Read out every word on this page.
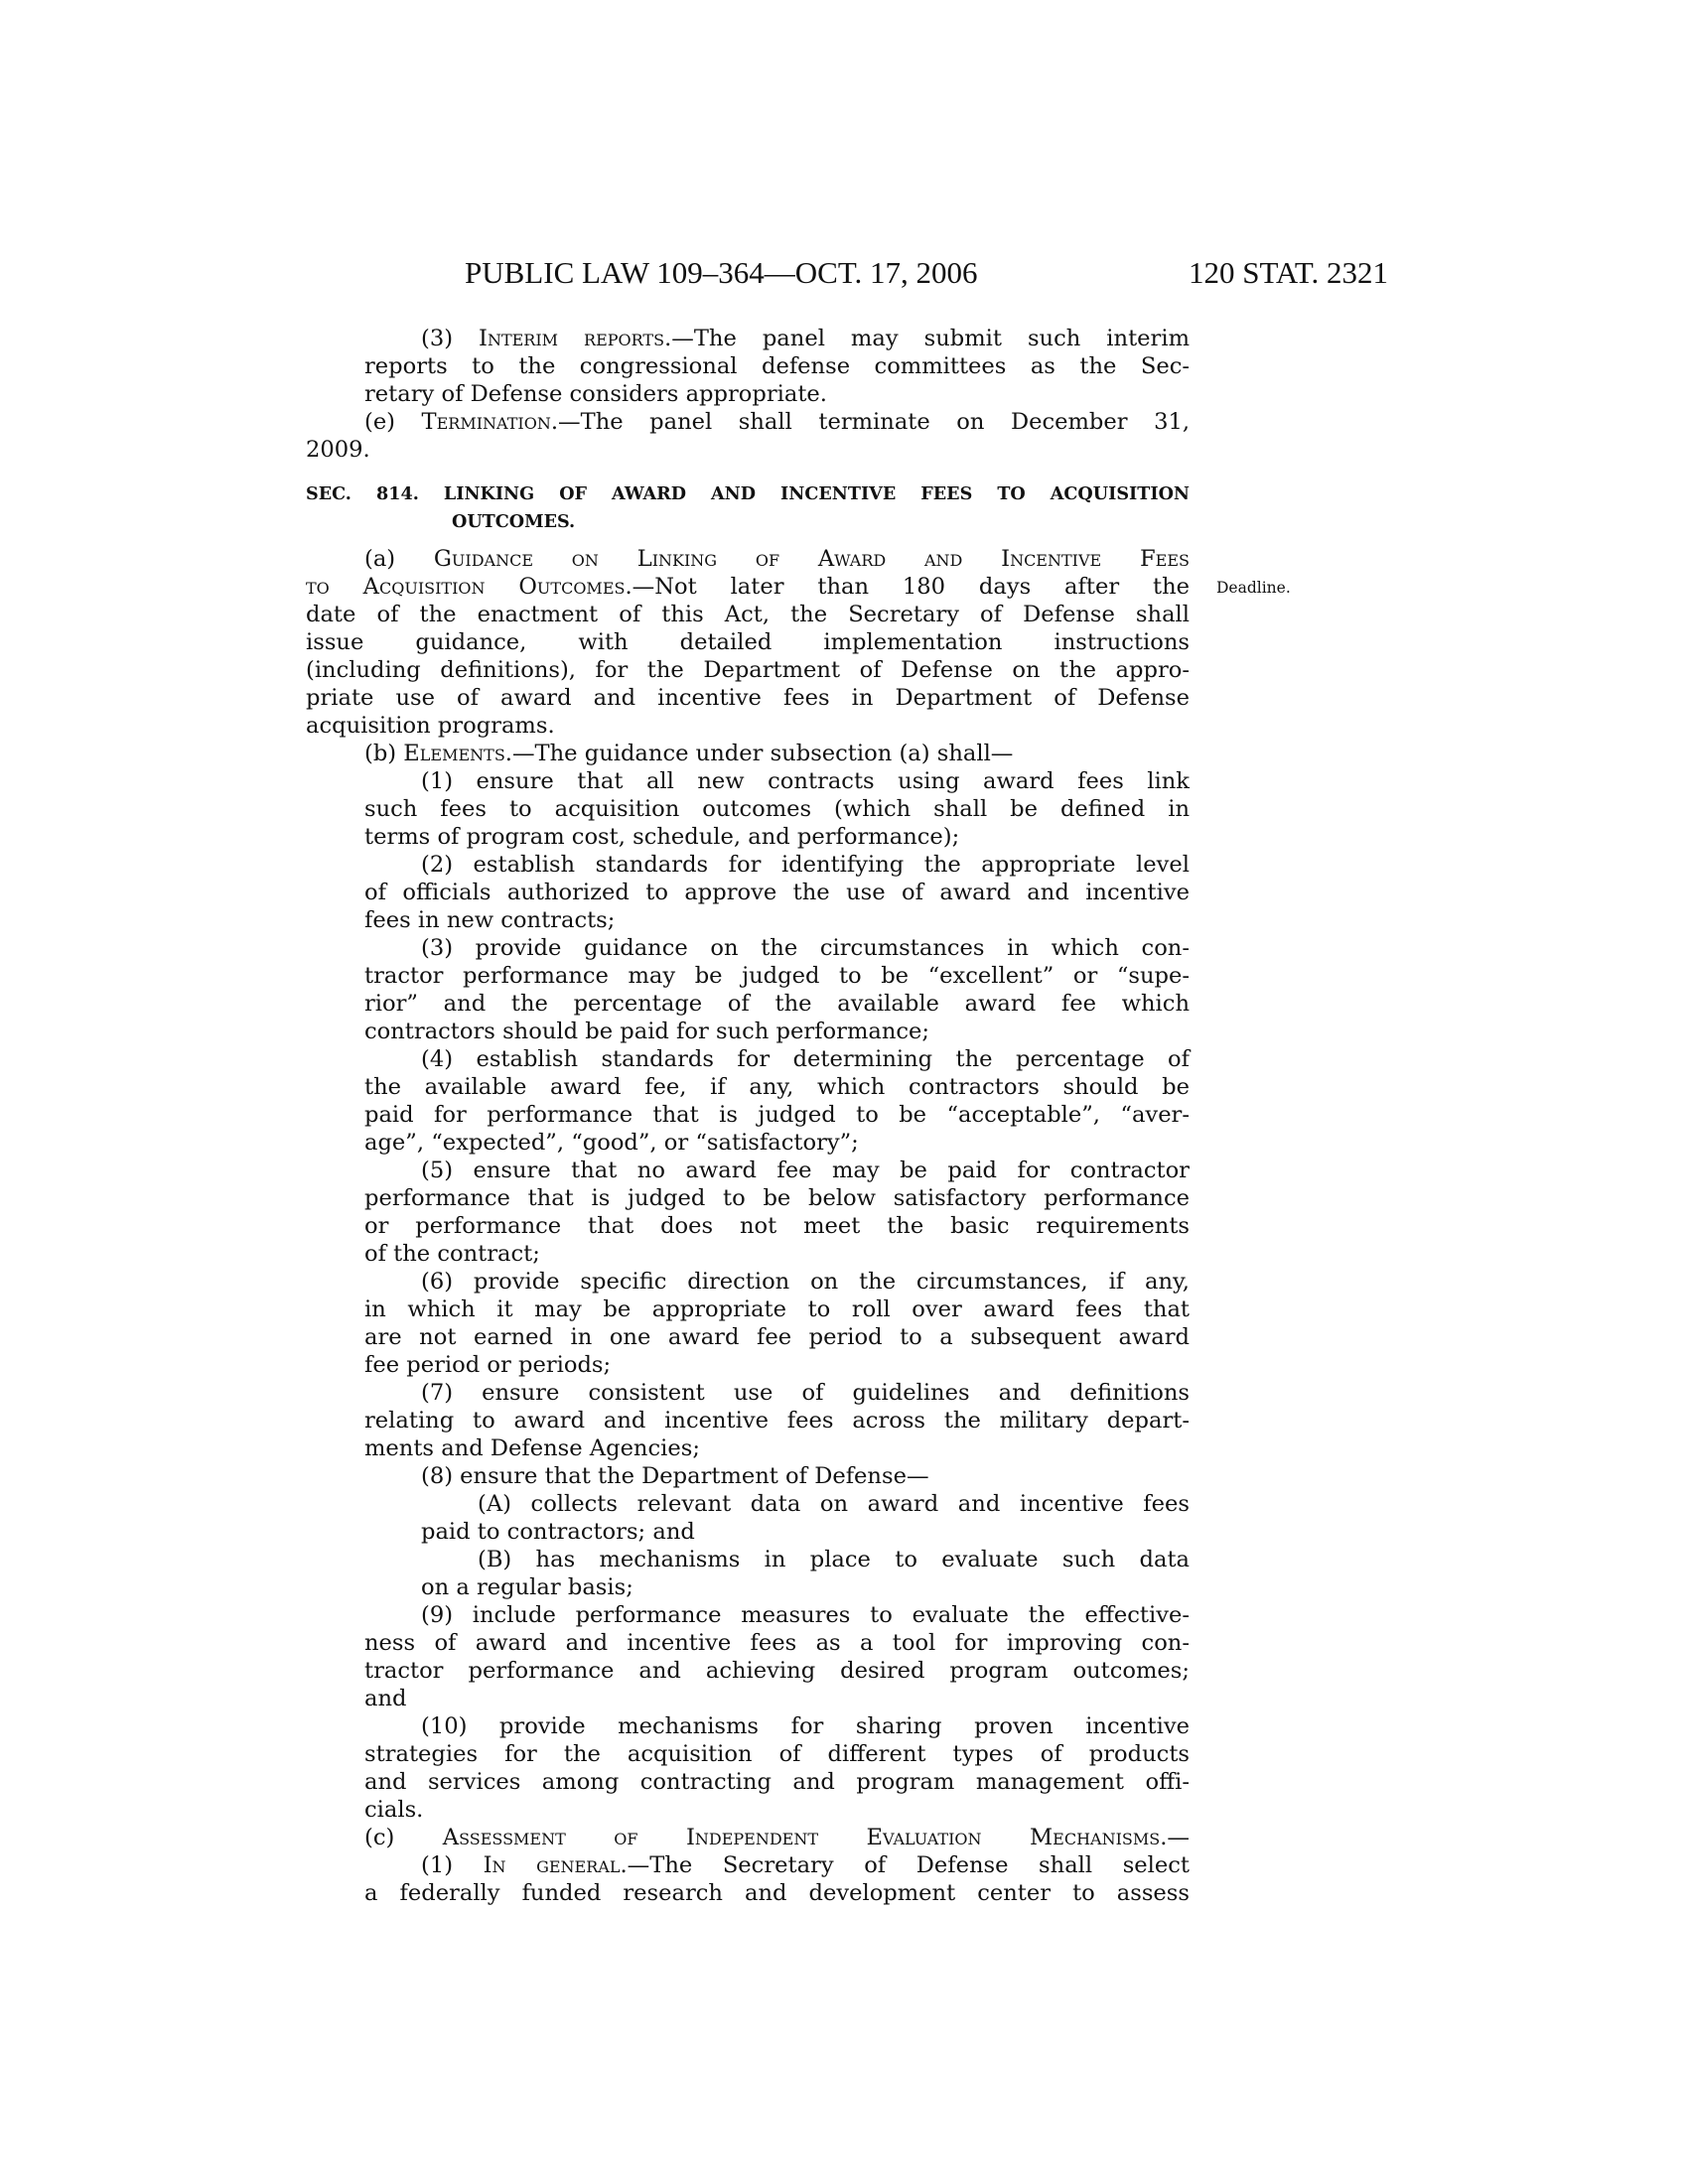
PUBLIC LAW 109–364—OCT. 17, 2006	120 STAT. 2321
(3) Interim reports.—The panel may submit such interim
reports to the congressional defense committees as the Sec-
retary of Defense considers appropriate.
(e) Termination.—The panel shall terminate on December 31,
2009.
SEC. 814. LINKING OF AWARD AND INCENTIVE FEES TO ACQUISITION
OUTCOMES.
(a) Guidance on Linking of Award and Incentive Fees
to Acquisition Outcomes.—Not later than 180 days after the
date of the enactment of this Act, the Secretary of Defense shall
issue guidance, with detailed implementation instructions
(including definitions), for the Department of Defense on the appro-
priate use of award and incentive fees in Department of Defense
acquisition programs.
(b) Elements.—The guidance under subsection (a) shall—
(1) ensure that all new contracts using award fees link
such fees to acquisition outcomes (which shall be defined in
terms of program cost, schedule, and performance);
(2) establish standards for identifying the appropriate level
of officials authorized to approve the use of award and incentive
fees in new contracts;
(3) provide guidance on the circumstances in which con-
tractor performance may be judged to be “excellent” or “supe-
rior” and the percentage of the available award fee which
contractors should be paid for such performance;
(4) establish standards for determining the percentage of
the available award fee, if any, which contractors should be
paid for performance that is judged to be “acceptable”, “aver-
age”, “expected”, “good”, or “satisfactory”;
(5) ensure that no award fee may be paid for contractor
performance that is judged to be below satisfactory performance
or performance that does not meet the basic requirements
of the contract;
(6) provide specific direction on the circumstances, if any,
in which it may be appropriate to roll over award fees that
are not earned in one award fee period to a subsequent award
fee period or periods;
(7) ensure consistent use of guidelines and definitions
relating to award and incentive fees across the military depart-
ments and Defense Agencies;
(8) ensure that the Department of Defense—
(A) collects relevant data on award and incentive fees
paid to contractors; and
(B) has mechanisms in place to evaluate such data
on a regular basis;
(9) include performance measures to evaluate the effective-
ness of award and incentive fees as a tool for improving con-
tractor performance and achieving desired program outcomes;
and
(10) provide mechanisms for sharing proven incentive
strategies for the acquisition of different types of products
and services among contracting and program management offi-
cials.
(c) Assessment of Independent Evaluation Mechanisms.—
(1) In general.—The Secretary of Defense shall select
a federally funded research and development center to assess
Deadline.
